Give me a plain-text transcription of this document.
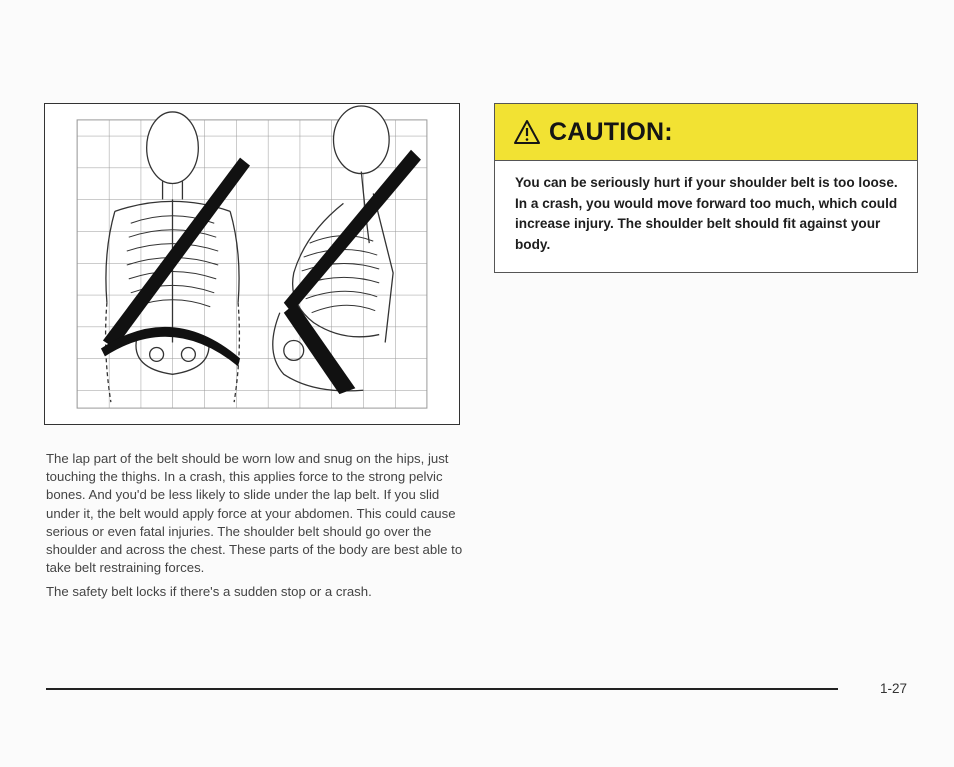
The lap part of the belt should be worn low and snug on the hips, just touching the thighs. In a crash, this applies force to the strong pelvic bones. And you'd be less likely to slide under the lap belt. If you slid under it, the belt would apply force at your abdomen. This could cause serious or even fatal injuries. The shoulder belt should go over the shoulder and across the chest. These parts of the body are best able to take belt restraining forces.

The safety belt locks if there's a sudden stop or a crash.

CAUTION:
You can be seriously hurt if your shoulder belt is too loose. In a crash, you would move forward too much, which could increase injury. The shoulder belt should fit against your body.
1-27
